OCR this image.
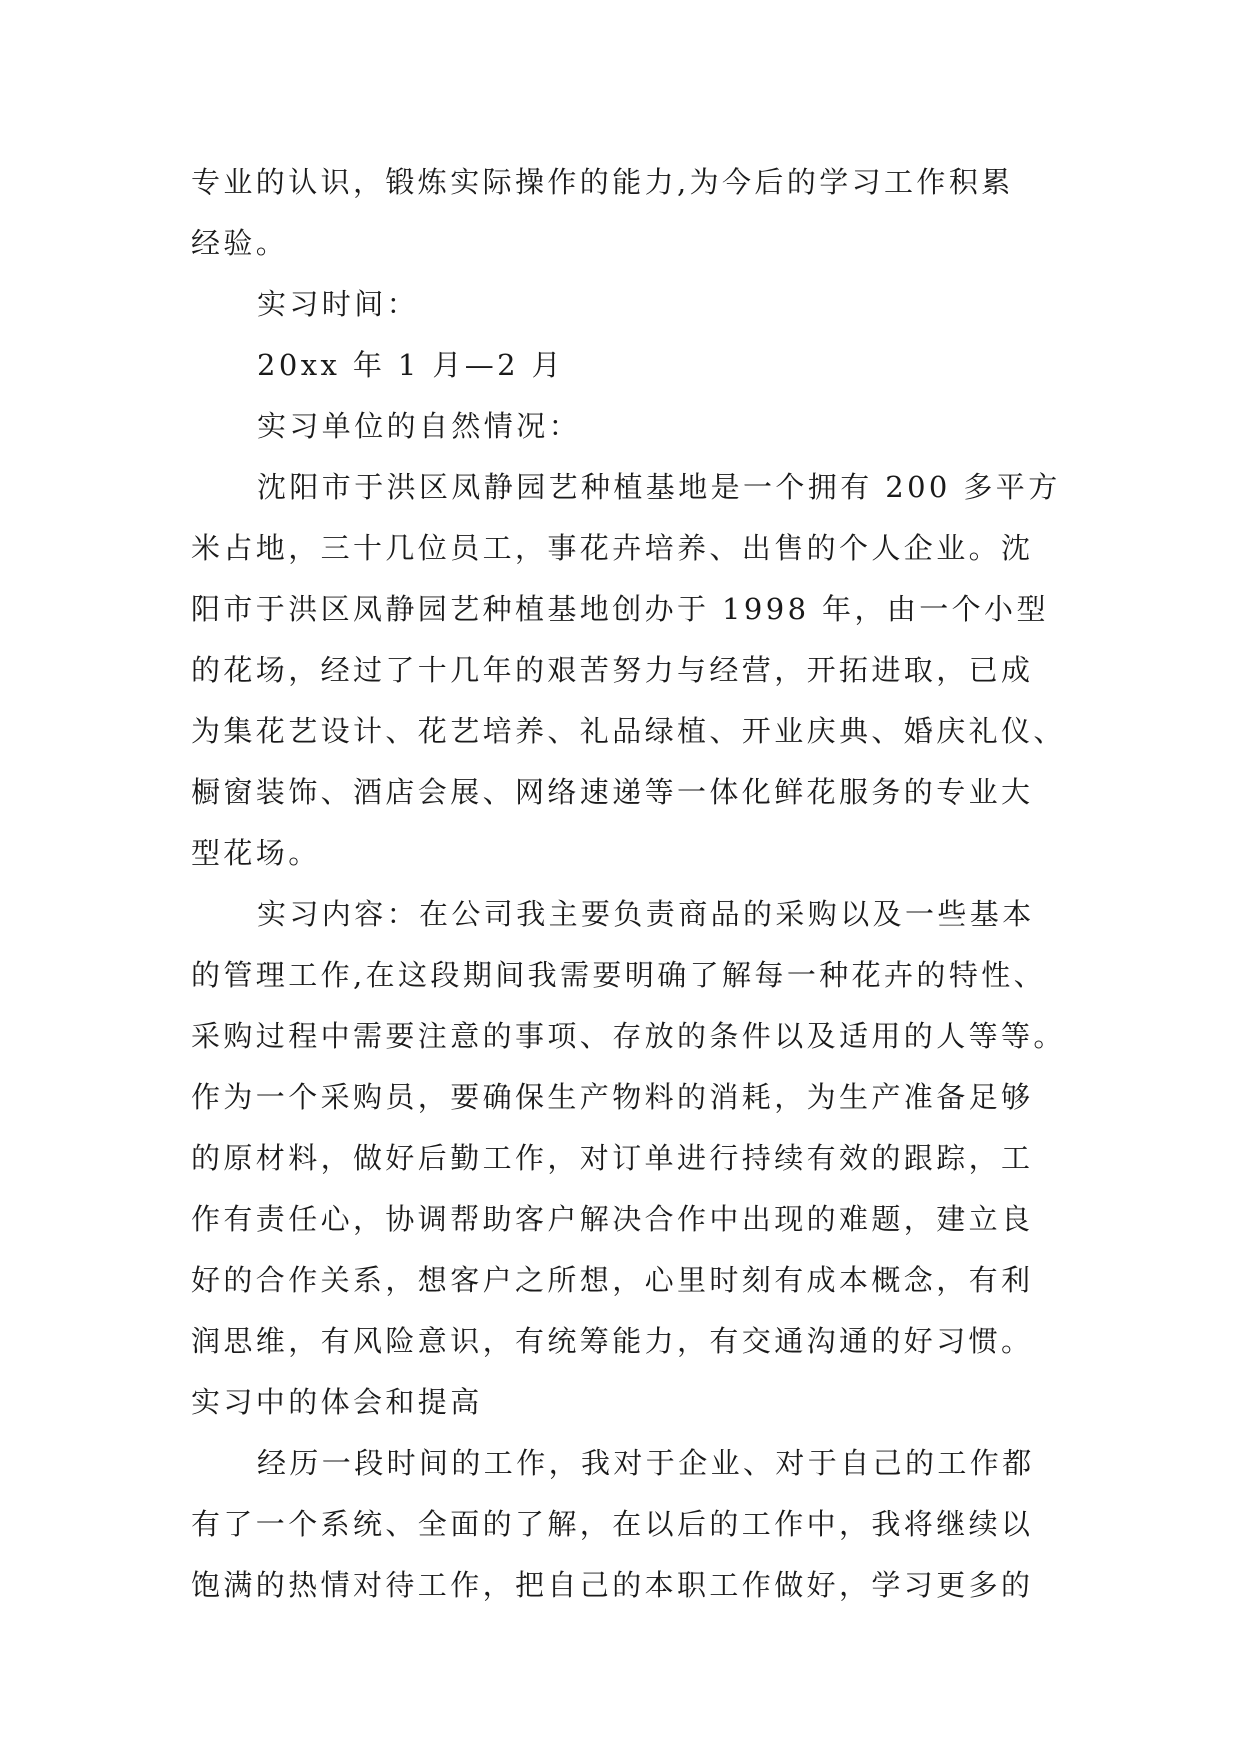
专业的认识，锻炼实际操作的能力,为今后的学习工作积累
经验。
实习时间：
20xx 年 1 月—2 月
实习单位的自然情况：
沈阳市于洪区凤静园艺种植基地是一个拥有 200 多平方
米占地，三十几位员工，事花卉培养、出售的个人企业。沈
阳市于洪区凤静园艺种植基地创办于 1998 年，由一个小型
的花场，经过了十几年的艰苦努力与经营，开拓进取，已成
为集花艺设计、花艺培养、礼品绿植、开业庆典、婚庆礼仪、
橱窗装饰、酒店会展、网络速递等一体化鲜花服务的专业大
型花场。
实习内容：在公司我主要负责商品的采购以及一些基本
的管理工作,在这段期间我需要明确了解每一种花卉的特性、
采购过程中需要注意的事项、存放的条件以及适用的人等等。
作为一个采购员，要确保生产物料的消耗，为生产准备足够
的原材料，做好后勤工作，对订单进行持续有效的跟踪，工
作有责任心，协调帮助客户解决合作中出现的难题，建立良
好的合作关系，想客户之所想，心里时刻有成本概念，有利
润思维，有风险意识，有统筹能力，有交通沟通的好习惯。
实习中的体会和提高
经历一段时间的工作，我对于企业、对于自己的工作都
有了一个系统、全面的了解，在以后的工作中，我将继续以
饱满的热情对待工作，把自己的本职工作做好，学习更多的
